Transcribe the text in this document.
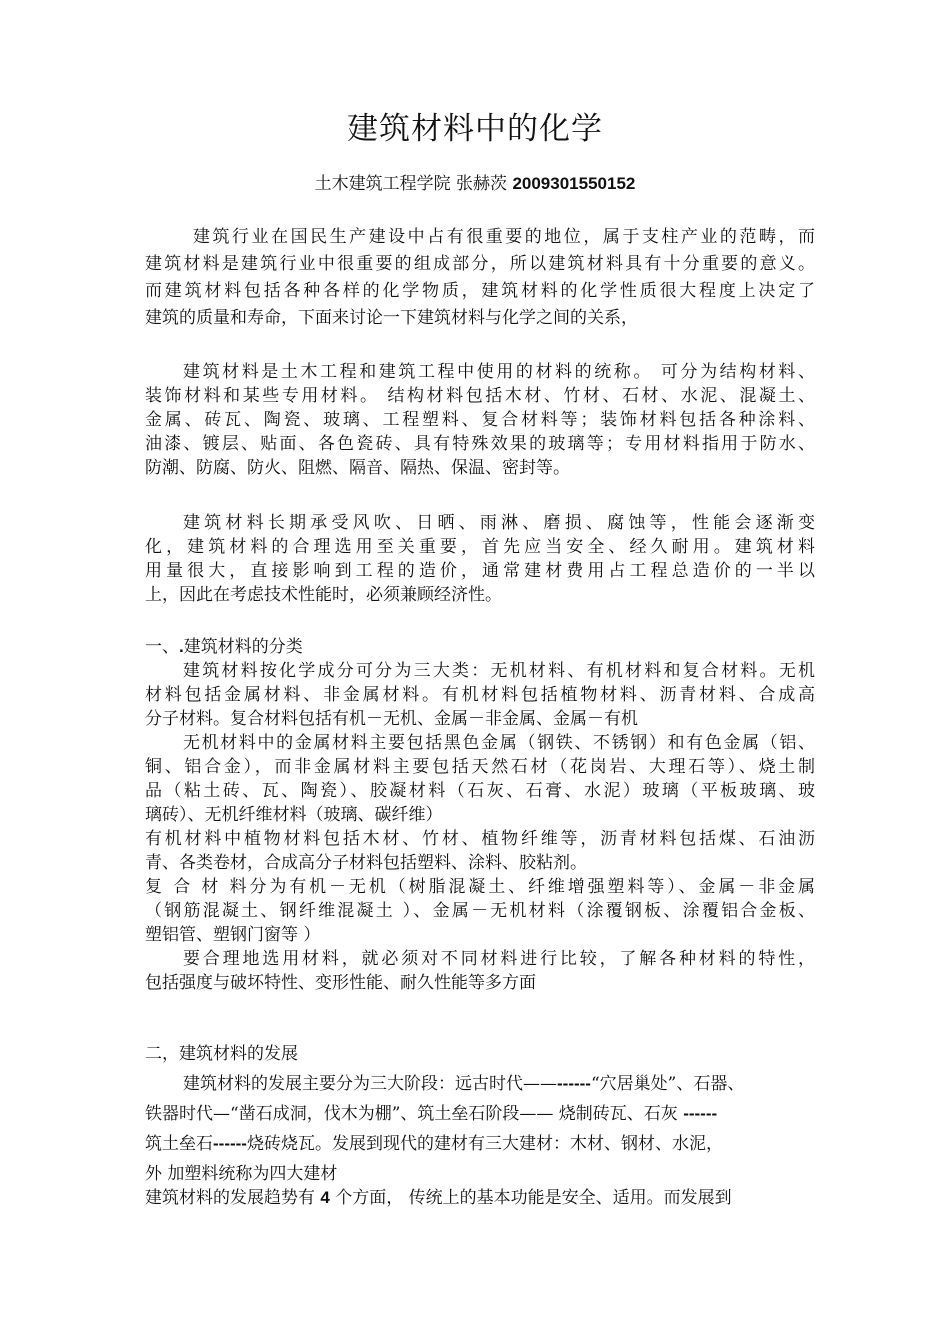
建筑材料中的化学
土木建筑工程学院 张赫茨 2009301550152
建筑行业在国民生产建设中占有很重要的地位，属于支柱产业的范畴，而
建筑材料是建筑行业中很重要的组成部分，所以建筑材料具有十分重要的意义。
而建筑材料包括各种各样的化学物质，建筑材料的化学性质很大程度上决定了
建筑的质量和寿命，下面来讨论一下建筑材料与化学之间的关系，
建筑材料是土木工程和建筑工程中使用的材料的统称。 可分为结构材料、
装饰材料和某些专用材料。 结构材料包括木材、竹材、石材、水泥、混凝土、
金属、砖瓦、陶瓷、玻璃、工程塑料、复合材料等；装饰材料包括各种涂料、
油漆、镀层、贴面、各色瓷砖、具有特殊效果的玻璃等；专用材料指用于防水、
防潮、防腐、防火、阻燃、隔音、隔热、保温、密封等。
建筑材料长期承受风吹、日晒、雨淋、磨损、腐蚀等，性能会逐渐变
化，建筑材料的合理选用至关重要，首先应当安全、经久耐用。建筑材料
用量很大，直接影响到工程的造价，通常建材费用占工程总造价的一半以
上，因此在考虑技术性能时，必须兼顾经济性。
一、.建筑材料的分类
建筑材料按化学成分可分为三大类：无机材料、有机材料和复合材料。无机
材料包括金属材料、非金属材料。有机材料包括植物材料、沥青材料、合成高
分子材料。复合材料包括有机－无机、金属－非金属、金属－有机
无机材料中的金属材料主要包括黑色金属（钢铁、不锈钢）和有色金属（铝、
铜、铝合金），而非金属材料主要包括天然石材（花岗岩、大理石等）、烧土制
品（粘土砖、瓦、陶瓷）、胶凝材料（石灰、石膏、水泥）玻璃（平板玻璃、玻
璃砖）、无机纤维材料（玻璃、碳纤维）
有机材料中植物材料包括木材、竹材、植物纤维等，沥青材料包括煤、石油沥
青、各类卷材，合成高分子材料包括塑料、涂料、胶粘剂。
复 合 材 料分为有机－无机（树脂混凝土、纤维增强塑料等）、金属－非金属
（钢筋混凝土、钢纤维混凝土 ）、金属－无机材料（涂覆钢板、涂覆铝合金板、
塑铝管、塑钢门窗等 ）
要合理地选用材料，就必须对不同材料进行比较，了解各种材料的特性，
包括强度与破坏特性、变形性能、耐久性能等多方面
二，建筑材料的发展
建筑材料的发展主要分为三大阶段：远古时代——------“穴居巢处”、石器、
铁器时代—“凿石成洞，伐木为棚”、筑土垒石阶段—— 烧制砖瓦、石灰 ------
筑土垒石------烧砖烧瓦。发展到现代的建材有三大建材：木材、钢材、水泥，
外 加塑料统称为四大建材
建筑材料的发展趋势有 4 个方面， 传统上的基本功能是安全、适用。而发展到
